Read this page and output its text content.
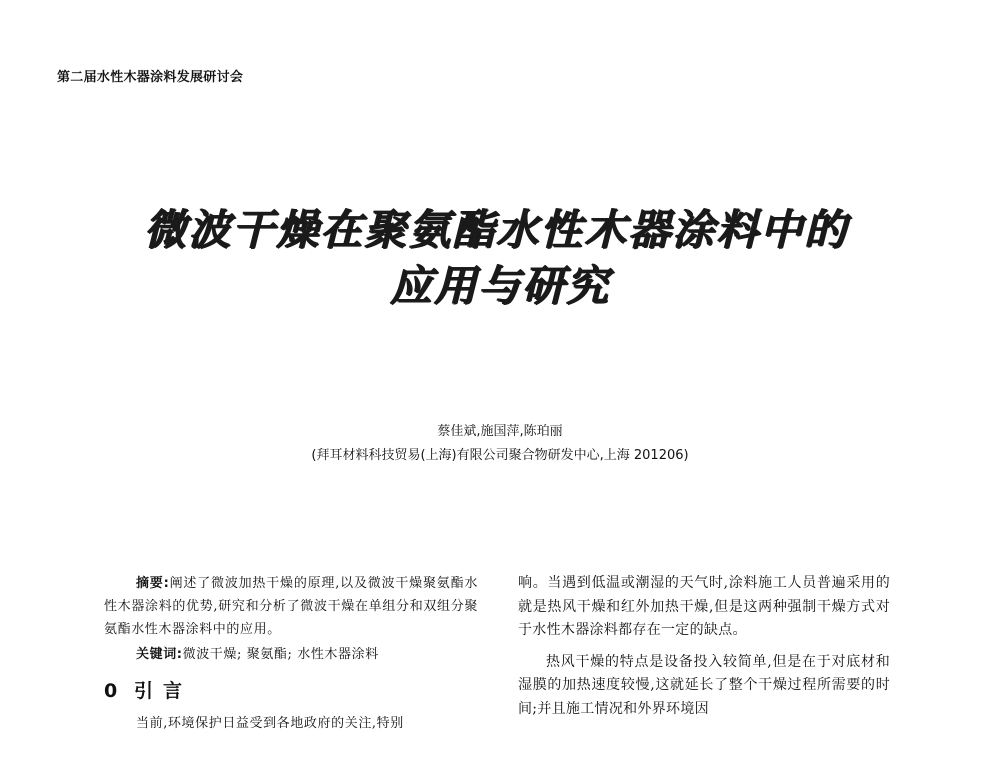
第二届水性木器涂料发展研讨会
微波干燥在聚氨酯水性木器涂料中的
应用与研究
蔡佳斌,施国萍,陈珀丽
(拜耳材料科技贸易(上海)有限公司聚合物研发中心,上海 201206)

摘要:阐述了微波加热干燥的原理,以及微波干燥聚氨酯水性木器涂料的优势,研究和分析了微波干燥在单组分和双组分聚氨酯水性木器涂料中的应用。

关键词:微波干燥; 聚氨酯; 水性木器涂料

0 引言

当前,环境保护日益受到各地政府的关注,特别

响。当遇到低温或潮湿的天气时,涂料施工人员普遍采用的就是热风干燥和红外加热干燥,但是这两种强制干燥方式对于水性木器涂料都存在一定的缺点。

热风干燥的特点是设备投入较简单,但是在于对底材和湿膜的加热速度较慢,这就延长了整个干燥过程所需要的时间;并且施工情况和外界环境因
